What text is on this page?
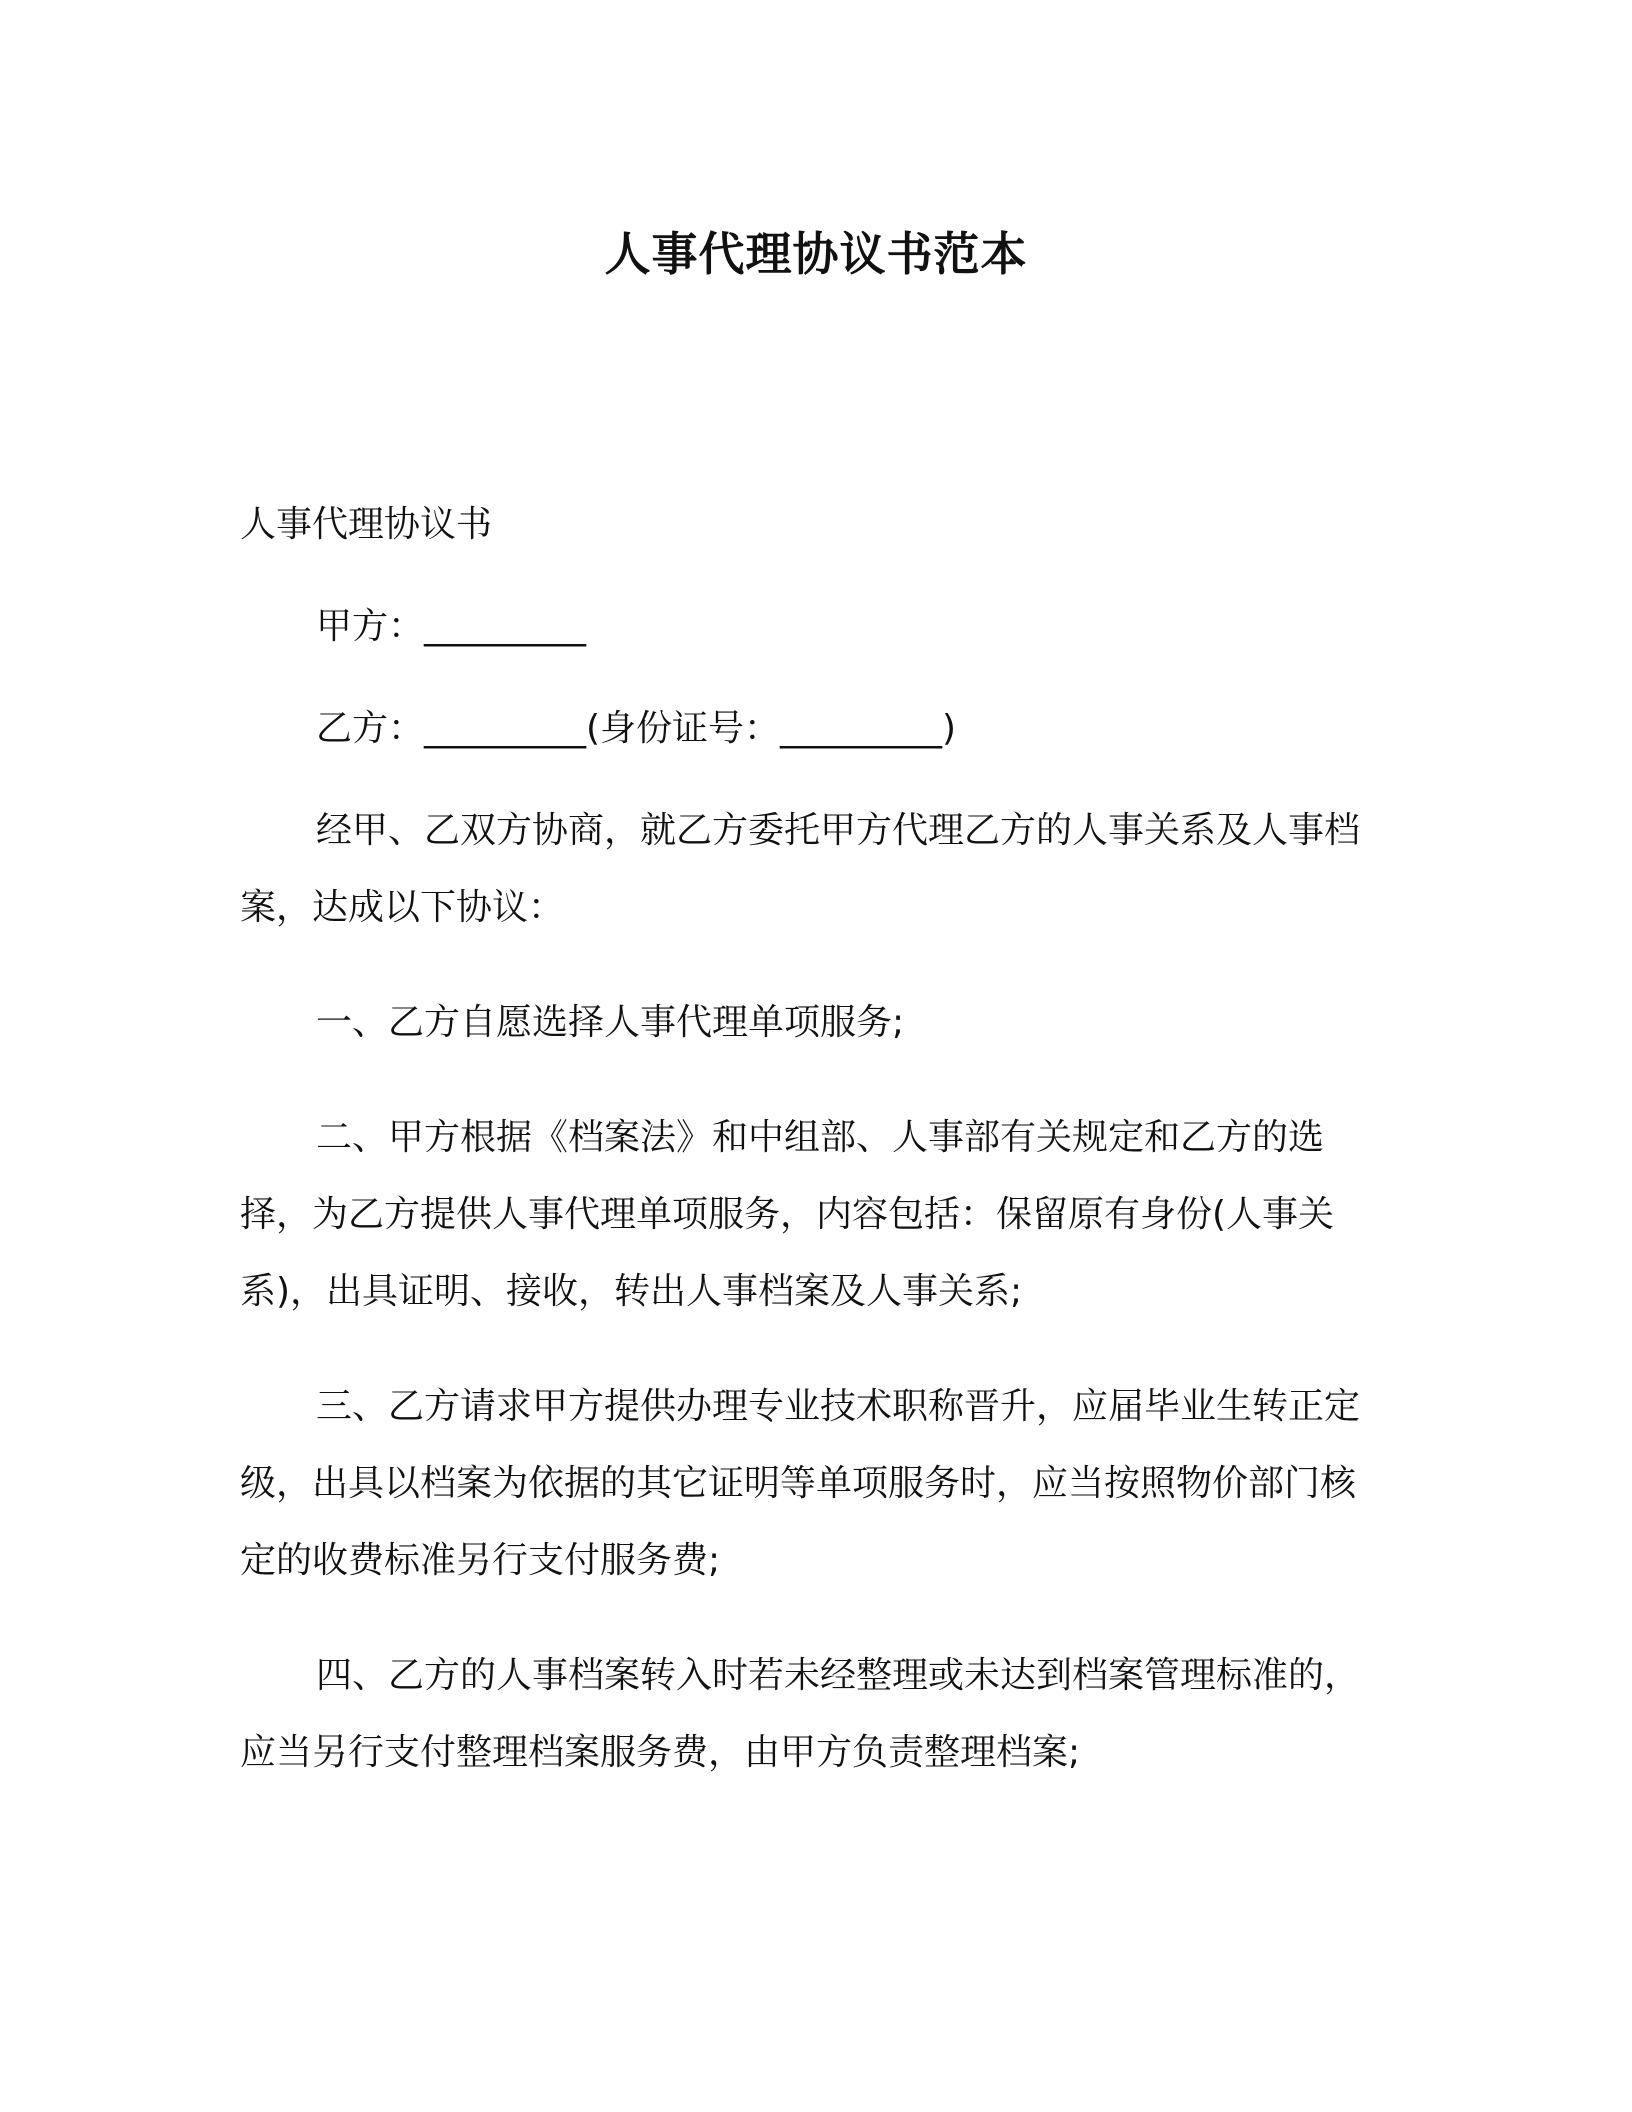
人事代理协议书范本

人事代理协议书

甲方：_________

乙方：_________(身份证号：_________)

经甲、乙双方协商，就乙方委托甲方代理乙方的人事关系及人事档案，达成以下协议：

一、乙方自愿选择人事代理单项服务;

二、甲方根据《档案法》和中组部、人事部有关规定和乙方的选择，为乙方提供人事代理单项服务，内容包括：保留原有身份(人事关系)，出具证明、接收，转出人事档案及人事关系;

三、乙方请求甲方提供办理专业技术职称晋升，应届毕业生转正定级，出具以档案为依据的其它证明等单项服务时，应当按照物价部门核定的收费标准另行支付服务费;

四、乙方的人事档案转入时若未经整理或未达到档案管理标准的，应当另行支付整理档案服务费，由甲方负责整理档案;
